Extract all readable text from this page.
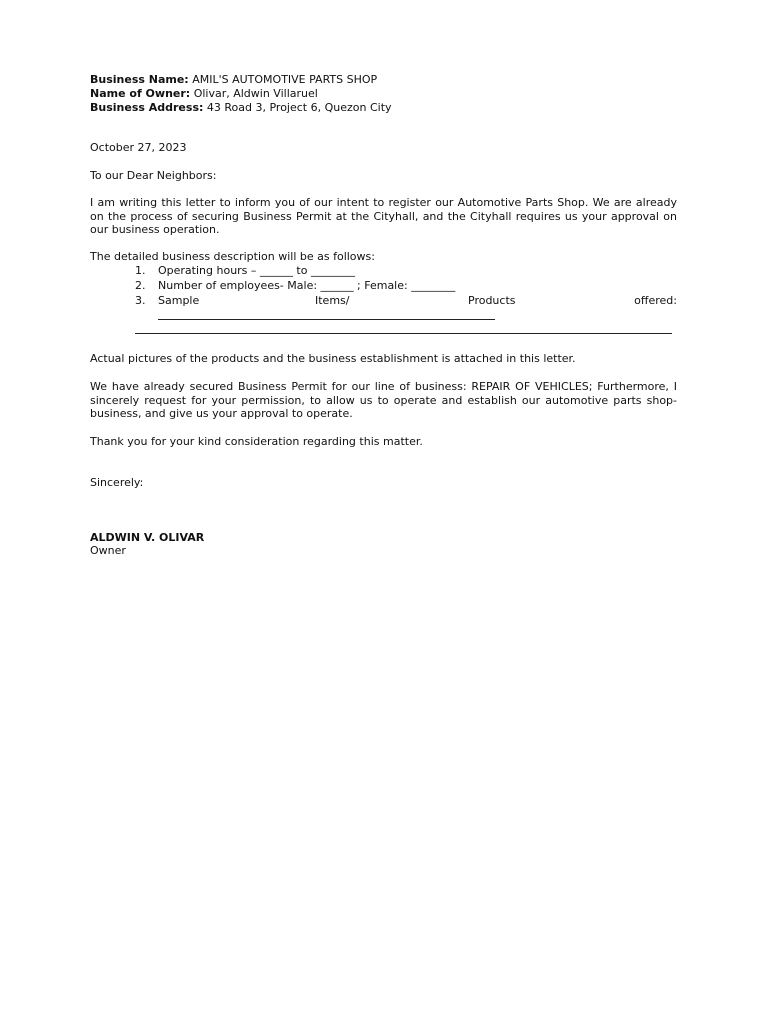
Business Name: AMIL'S AUTOMOTIVE PARTS SHOP
Name of Owner: Olivar, Aldwin Villaruel
Business Address: 43 Road 3, Project 6, Quezon City
October 27, 2023
To our Dear Neighbors:
I am writing this letter to inform you of our intent to register our Automotive Parts Shop. We are already on the process of securing Business Permit at the Cityhall, and the Cityhall requires us your approval on our business operation.
The detailed business description will be as follows:
1. Operating hours – ______ to ________
2. Number of employees- Male: ______ ; Female: ________
3. Sample	Items/	Products	offered:
Actual pictures of the products and the business establishment is attached in this letter.
We have already secured Business Permit for our line of business: REPAIR OF VEHICLES; Furthermore, I sincerely request for your permission, to allow us to operate and establish our automotive parts shop-business, and give us your approval to operate.
Thank you for your kind consideration regarding this matter.
Sincerely:
ALDWIN V. OLIVAR
Owner
